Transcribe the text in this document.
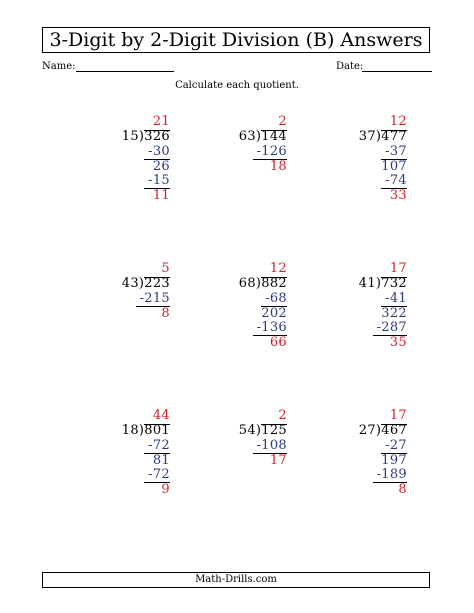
3-Digit by 2-Digit Division (B) Answers
Name:	Date:
Calculate each quotient.
21
15)326
-30
26
-15
11
2
63)144
-126
18
12
37)477
-37
107
-74
33
5
43)223
-215
8
12
68)882
-68
202
-136
66
17
41)732
-41
322
-287
35
44
18)801
-72
81
-72
9
2
54)125
-108
17
17
27)467
-27
197
-189
8
Math-Drills.com
